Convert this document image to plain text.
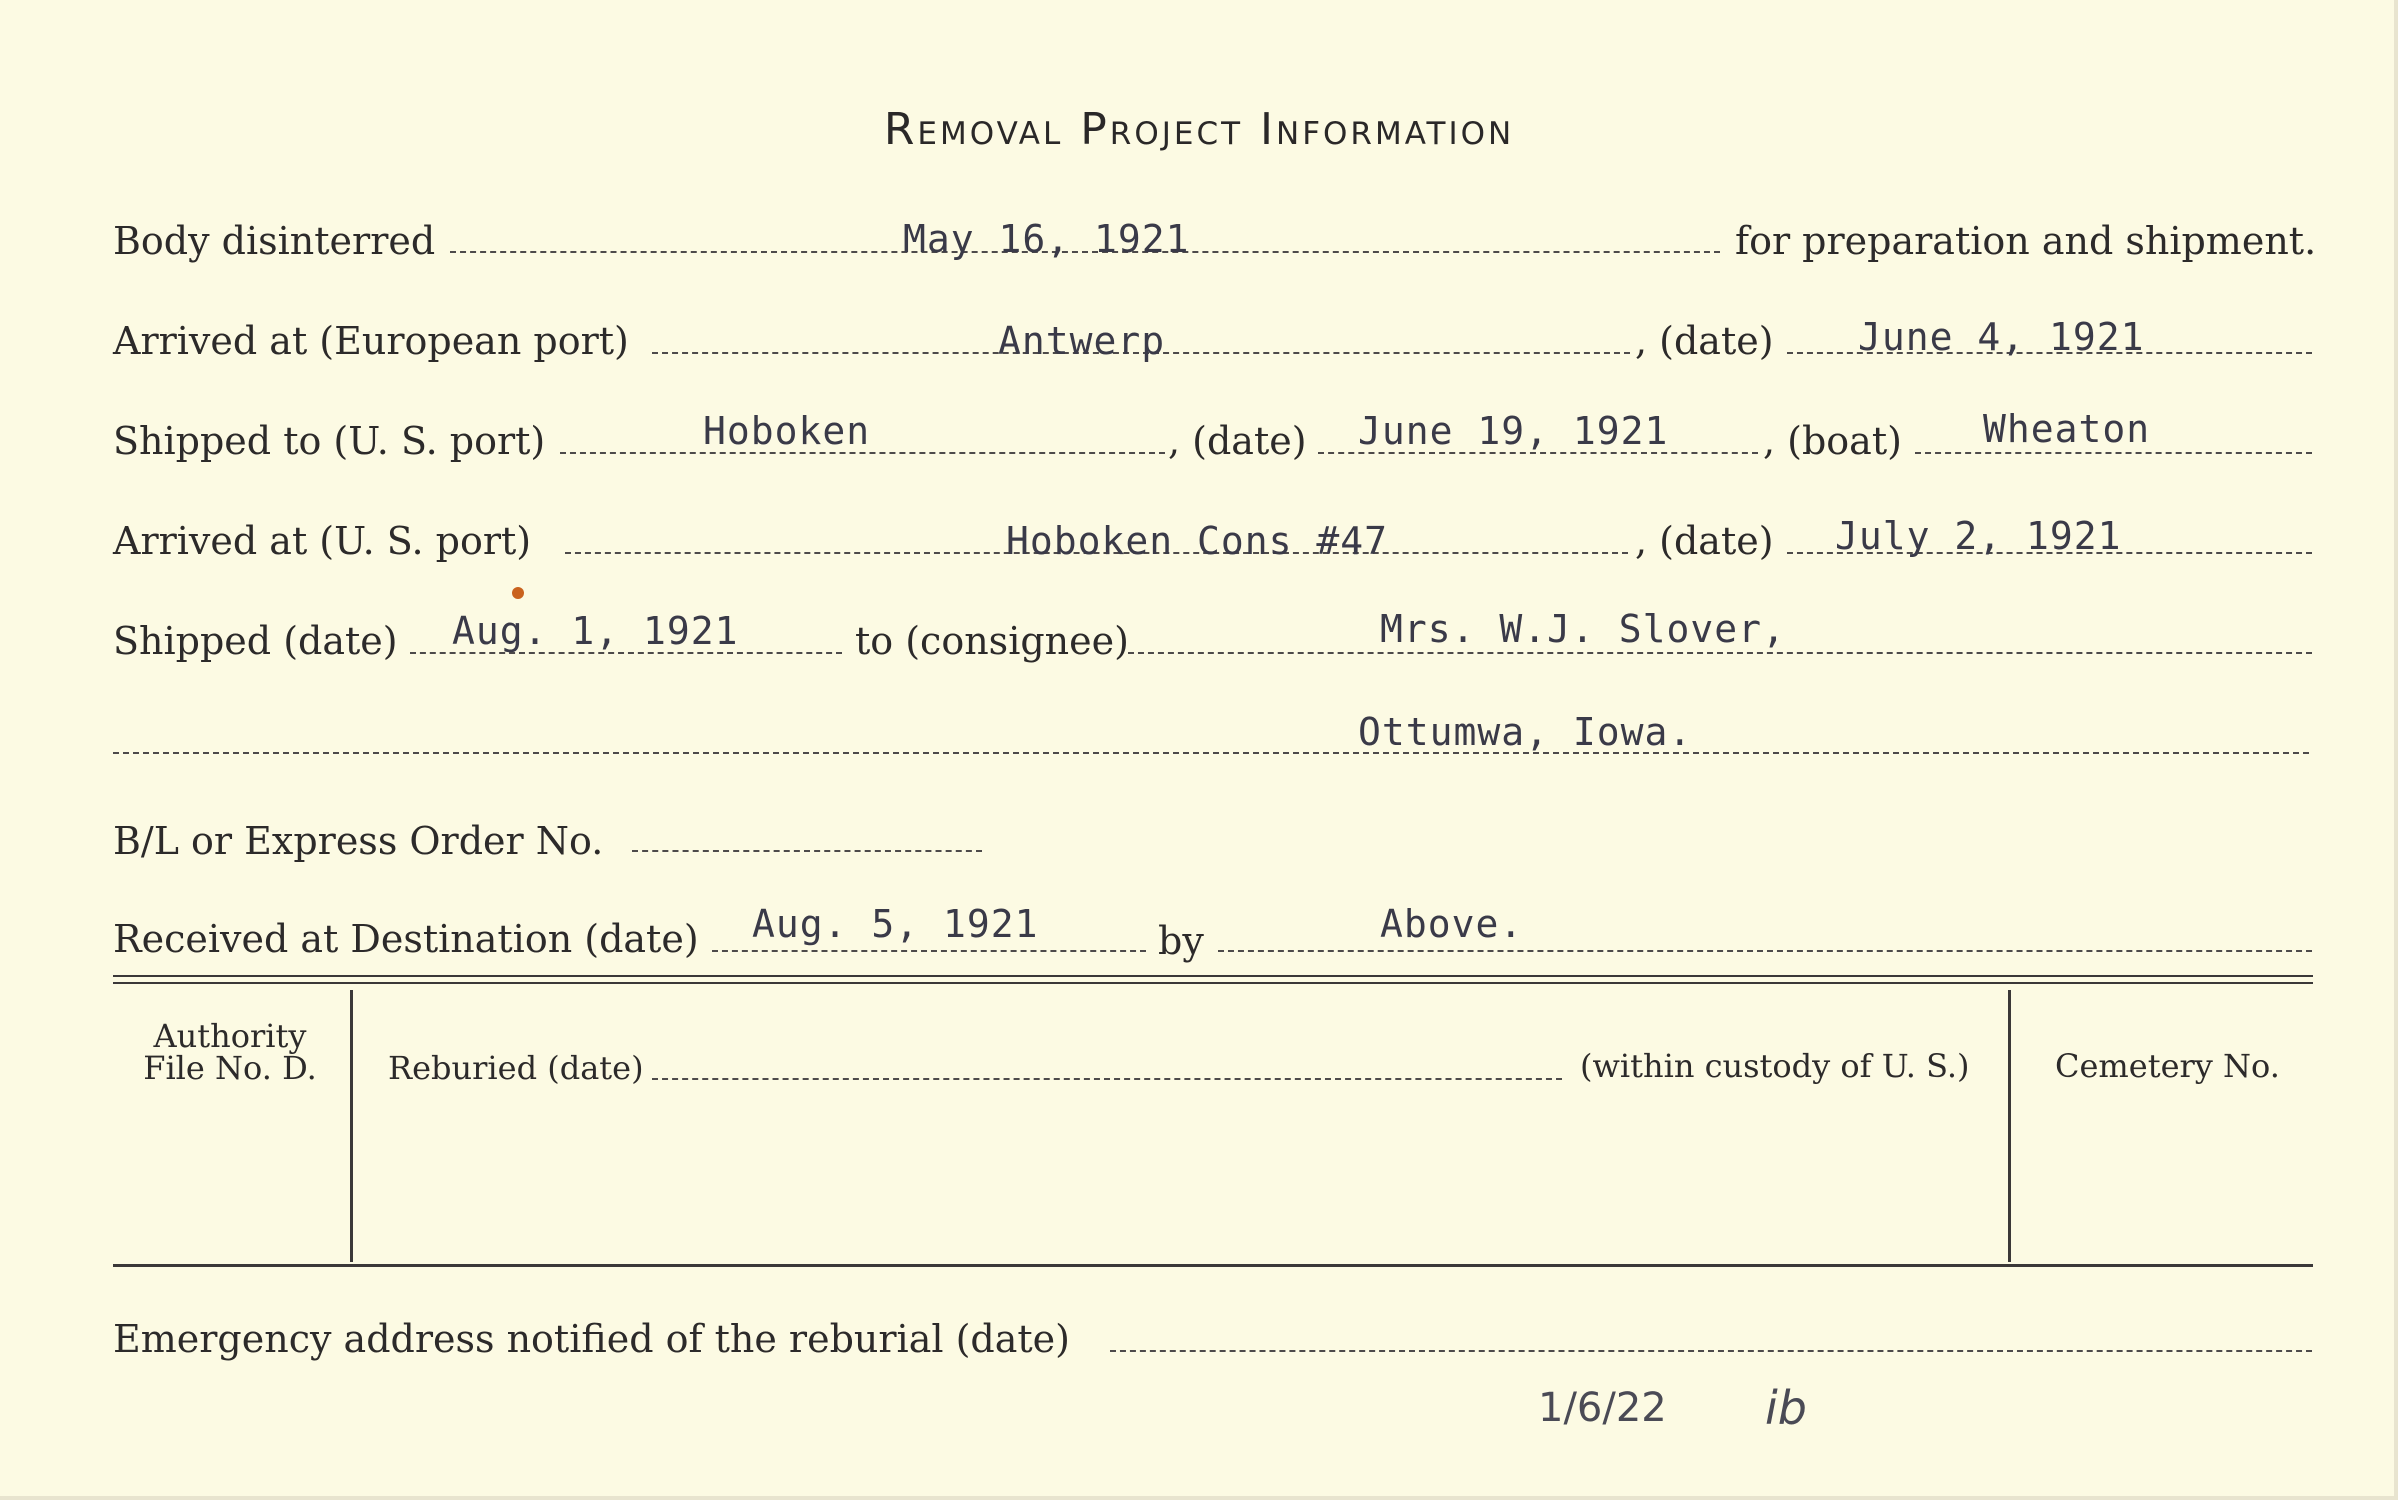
Removal Project Information
Body disinterred	May 16, 1921	for preparation and shipment.
Arrived at (European port)	Antwerp	, (date) June 4, 1921
Shipped to (U. S. port)	Hoboken	, (date) June 19, 1921 , (boat) Wheaton
Arrived at (U. S. port)	Hoboken Cons #47	, (date) July 2, 1921
Shipped (date) Aug. 1, 1921	to (consignee)	Mrs. W.J. Slover,
Ottumwa, Iowa.
B/L or Express Order No.
Received at Destination (date) Aug. 5, 1921	by	Above.
Authority
File No. D.	Reburied (date)	(within custody of U. S.)	Cemetery No.
Emergency address notified of the reburial (date)
1/6/22 ib
